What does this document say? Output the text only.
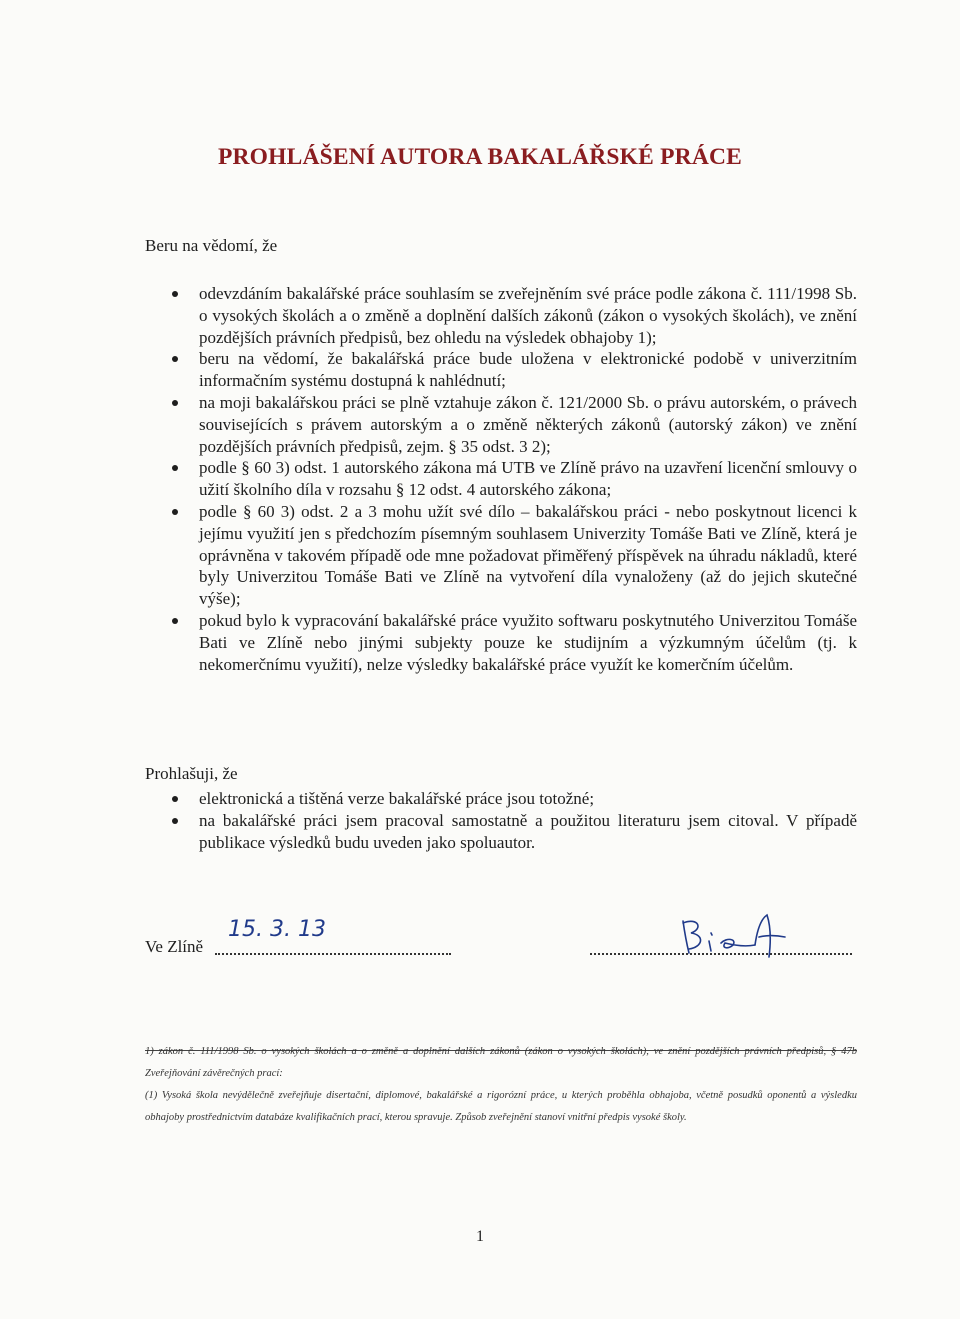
PROHLÁŠENÍ AUTORA BAKALÁŘSKÉ PRÁCE
Beru na vědomí, že
odevzdáním bakalářské práce souhlasím se zveřejněním své práce podle zákona č. 111/1998 Sb. o vysokých školách a o změně a doplnění dalších zákonů (zákon o vysokých školách), ve znění pozdějších právních předpisů, bez ohledu na výsledek obhajoby 1);
beru na vědomí, že bakalářská práce bude uložena v elektronické podobě v univerzitním informačním systému dostupná k nahlédnutí;
na moji bakalářskou práci se plně vztahuje zákon č. 121/2000 Sb. o právu autorském, o právech souvisejících s právem autorským a o změně některých zákonů (autorský zákon) ve znění pozdějších právních předpisů, zejm. § 35 odst. 3 2);
podle § 60 3) odst. 1 autorského zákona má UTB ve Zlíně právo na uzavření licenční smlouvy o užití školního díla v rozsahu § 12 odst. 4 autorského zákona;
podle § 60 3) odst. 2 a 3 mohu užít své dílo – bakalářskou práci - nebo poskytnout licenci k jejímu využití jen s předchozím písemným souhlasem Univerzity Tomáše Bati ve Zlíně, která je oprávněna v takovém případě ode mne požadovat přiměřený příspěvek na úhradu nákladů, které byly Univerzitou Tomáše Bati ve Zlíně na vytvoření díla vynaloženy (až do jejich skutečné výše);
pokud bylo k vypracování bakalářské práce využito softwaru poskytnutého Univerzitou Tomáše Bati ve Zlíně nebo jinými subjekty pouze ke studijním a výzkumným účelům (tj. k nekomerčnímu využití), nelze výsledky bakalářské práce využít ke komerčním účelům.
Prohlašuji, že
elektronická a tištěná verze bakalářské práce jsou totožné;
na bakalářské práci jsem pracoval samostatně a použitou literaturu jsem citoval. V případě publikace výsledků budu uveden jako spoluautor.
Ve Zlíně
15. 3. 13

1) zákon č. 111/1998 Sb. o vysokých školách a o změně a doplnění dalších zákonů (zákon o vysokých školách), ve znění pozdějších právních předpisů, § 47b Zveřejňování závěrečných prací:

(1) Vysoká škola nevýdělečně zveřejňuje disertační, diplomové, bakalářské a rigorózní práce, u kterých proběhla obhajoba, včetně posudků oponentů a výsledku obhajoby prostřednictvím databáze kvalifikačních prací, kterou spravuje. Způsob zveřejnění stanoví vnitřní předpis vysoké školy.

1
